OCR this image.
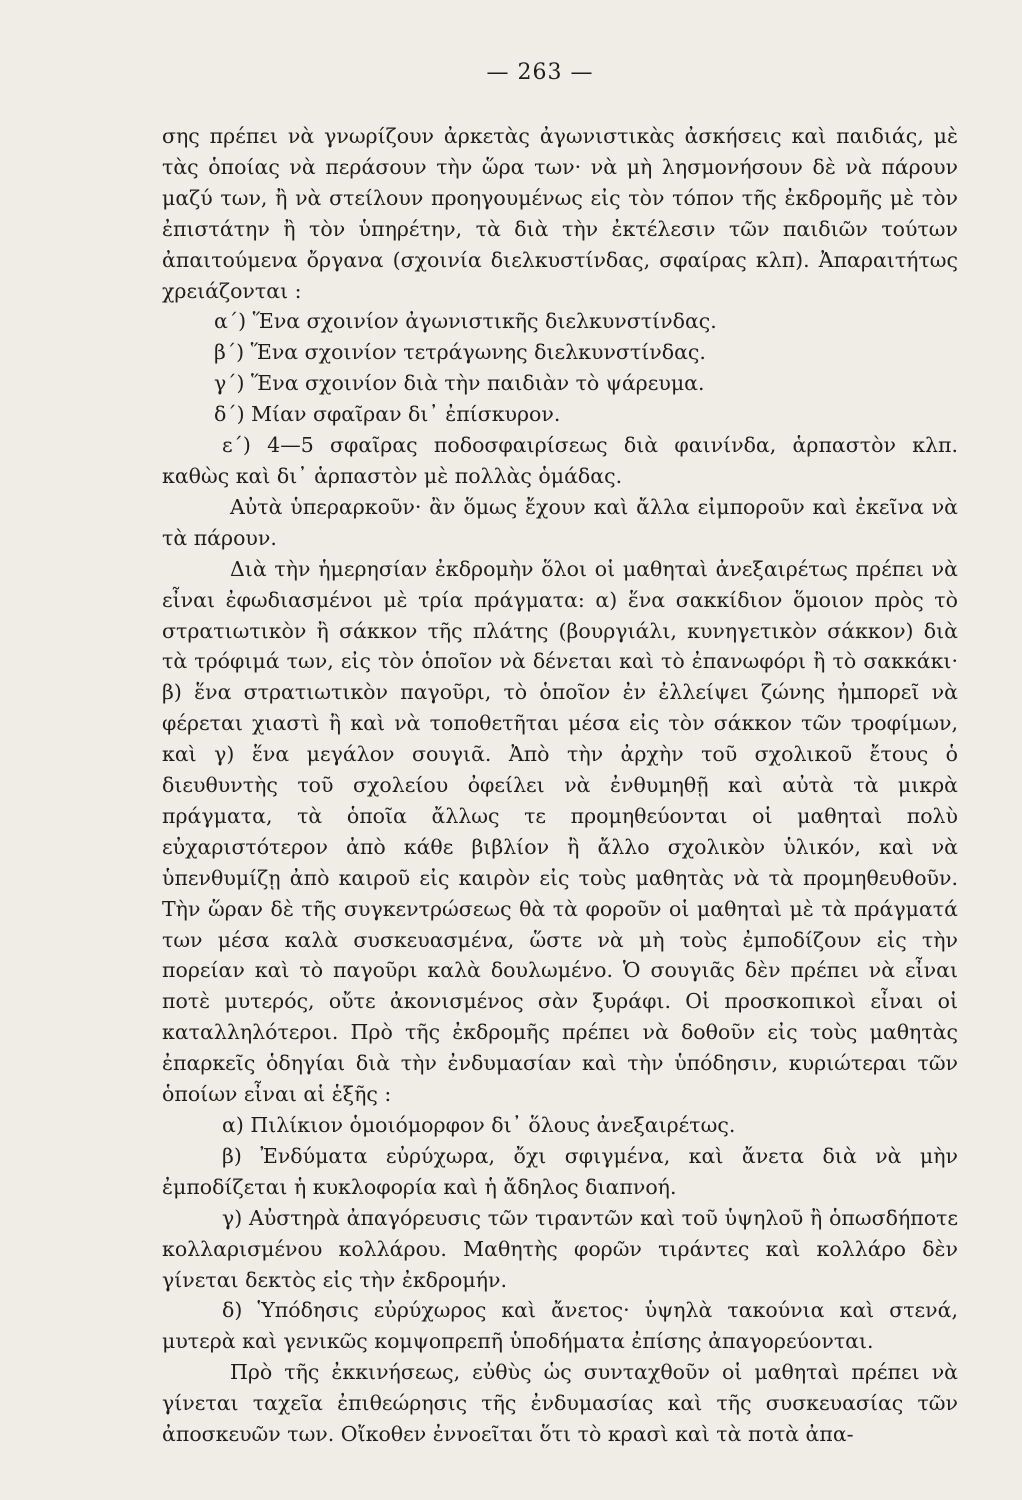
— 263 —

σης πρέπει νὰ γνωρίζουν ἀρκετὰς ἀγωνιστικὰς ἀσκήσεις καὶ παιδιάς, μὲ τὰς ὁποίας νὰ περάσουν τὴν ὥρα των· νὰ μὴ λησμονήσουν δὲ νὰ πάρουν μαζύ των, ἢ νὰ στείλουν προηγουμένως εἰς τὸν τόπον τῆς ἐκδρομῆς μὲ τὸν ἐπιστάτην ἢ τὸν ὑπηρέτην, τὰ διὰ τὴν ἐκτέλεσιν τῶν παιδιῶν τούτων ἀπαιτούμενα ὄργανα (σχοινία διελκυστίνδας, σφαίρας κλπ). Ἀπαραιτήτως χρειάζονται :

α΄) Ἕνα σχοινίον ἀγωνιστικῆς διελκυνστίνδας.

β΄) Ἕνα σχοινίον τετράγωνης διελκυνστίνδας.

γ΄) Ἕνα σχοινίον διὰ τὴν παιδιὰν τὸ ψάρευμα.

δ΄) Μίαν σφαῖραν δι᾽ ἐπίσκυρον.

ε΄) 4—5 σφαῖρας ποδοσφαιρίσεως διὰ φαινίνδα, ἁρπαστὸν κλπ. καθὼς καὶ δι᾽ ἁρπαστὸν μὲ πολλὰς ὁμάδας.

Αὐτὰ ὑπεραρκοῦν· ἂν ὅμως ἔχουν καὶ ἄλλα εἰμποροῦν καὶ ἐκεῖνα νὰ τὰ πάρουν.

Διὰ τὴν ἡμερησίαν ἐκδρομὴν ὅλοι οἱ μαθηταὶ ἀνεξαιρέτως πρέπει νὰ εἶναι ἐφωδιασμένοι μὲ τρία πράγματα: α) ἕνα σακκίδιον ὅμοιον πρὸς τὸ στρατιωτικὸν ἢ σάκκον τῆς πλάτης (βουργιάλι, κυνηγετικὸν σάκκον) διὰ τὰ τρόφιμά των, εἰς τὸν ὁποῖον νὰ δένεται καὶ τὸ ἐπανωφόρι ἢ τὸ σακκάκι· β) ἕνα στρατιωτικὸν παγοῦρι, τὸ ὁποῖον ἐν ἐλλείψει ζώνης ἠμπορεῖ νὰ φέρεται χιαστὶ ἢ καὶ νὰ τοποθετῆται μέσα εἰς τὸν σάκκον τῶν τροφίμων, καὶ γ) ἕνα μεγάλον σουγιᾶ. Ἀπὸ τὴν ἀρχὴν τοῦ σχολικοῦ ἔτους ὁ διευθυντὴς τοῦ σχολείου ὀφείλει νὰ ἐνθυμηθῇ καὶ αὐτὰ τὰ μικρὰ πράγματα, τὰ ὁποῖα ἄλλως τε προμηθεύονται οἱ μαθηταὶ πολὺ εὐχαριστότερον ἀπὸ κάθε βιβλίον ἢ ἄλλο σχολικὸν ὑλικόν, καὶ νὰ ὑπενθυμίζῃ ἀπὸ καιροῦ εἰς καιρὸν εἰς τοὺς μαθητὰς νὰ τὰ προμηθευθοῦν. Τὴν ὥραν δὲ τῆς συγκεντρώσεως θὰ τὰ φοροῦν οἱ μαθηταὶ μὲ τὰ πράγματά των μέσα καλὰ συσκευασμένα, ὥστε νὰ μὴ τοὺς ἐμποδίζουν εἰς τὴν πορείαν καὶ τὸ παγοῦρι καλὰ δουλωμένο. Ὁ σουγιᾶς δὲν πρέπει νὰ εἶναι ποτὲ μυτερός, οὔτε ἀκονισμένος σὰν ξυράφι. Οἱ προσκοπικοὶ εἶναι οἱ καταλληλότεροι. Πρὸ τῆς ἐκδρομῆς πρέπει νὰ δοθοῦν εἰς τοὺς μαθητὰς ἐπαρκεῖς ὁδηγίαι διὰ τὴν ἐνδυμασίαν καὶ τὴν ὑπόδησιν, κυριώτεραι τῶν ὁποίων εἶναι αἱ ἑξῆς :

α) Πιλίκιον ὁμοιόμορφον δι᾽ ὅλους ἀνεξαιρέτως.

β) Ἐνδύματα εὐρύχωρα, ὄχι σφιγμένα, καὶ ἄνετα διὰ νὰ μὴν ἐμποδίζεται ἡ κυκλοφορία καὶ ἡ ἄδηλος διαπνοή.

γ) Αὐστηρὰ ἀπαγόρευσις τῶν τιραντῶν καὶ τοῦ ὑψηλοῦ ἢ ὁπωσδήποτε κολλαρισμένου κολλάρου. Μαθητὴς φορῶν τιράντες καὶ κολλάρο δὲν γίνεται δεκτὸς εἰς τὴν ἐκδρομήν.

δ) Ὑπόδησις εὐρύχωρος καὶ ἄνετος· ὑψηλὰ τακούνια καὶ στενά, μυτερὰ καὶ γενικῶς κομψοπρεπῆ ὑποδήματα ἐπίσης ἀπαγορεύονται.

Πρὸ τῆς ἐκκινήσεως, εὐθὺς ὡς συνταχθοῦν οἱ μαθηταὶ πρέπει νὰ γίνεται ταχεῖα ἐπιθεώρησις τῆς ἐνδυμασίας καὶ τῆς συσκευασίας τῶν ἀποσκευῶν των. Οἴκοθεν ἐννοεῖται ὅτι τὸ κρασὶ καὶ τὰ ποτὰ ἀπα-
